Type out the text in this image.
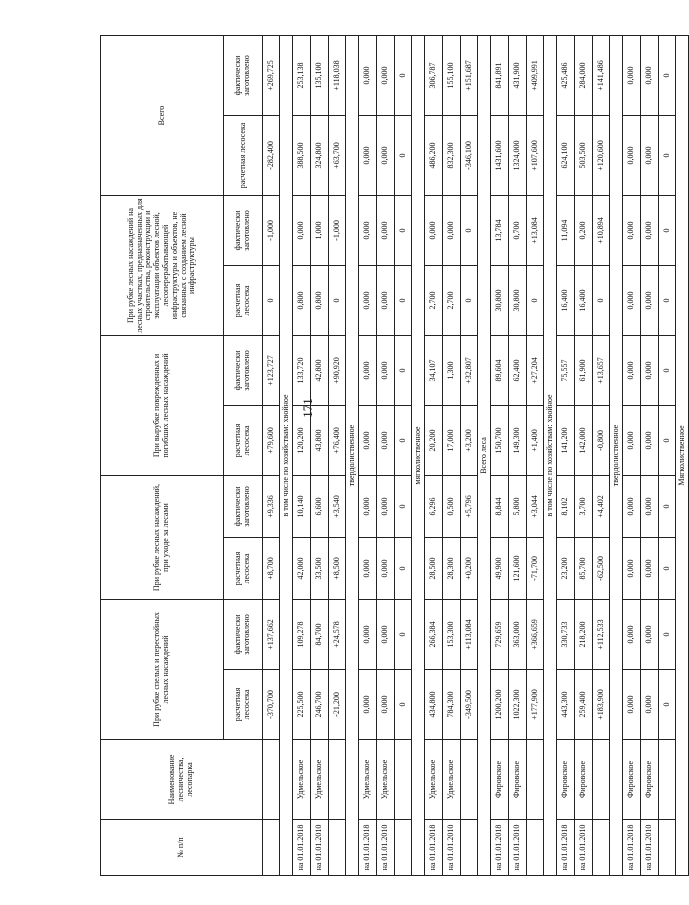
171
№ п/п	Наименование лесничества, лесопарка	При рубке спелых и перестойных лесных насаждений		При рубке лесных насаждений, при уходе за лесами		При вырубке поврежденных и погибших лесных насаждений		При рубке лесных насаждений на лесных участках, предназначенных для строительства, реконструкции и эксплуатации объектов лесной, лесоперерабатывающей инфраструктуры и объектов, не связанных с созданием лесной инфраструктуры		Всего	
		расчетная лесосека	фактически заготовлено	расчетная лесосека	фактически заготовлено	расчетная лесосека	фактически заготовлено	расчетная лесосека	фактически заготовлено	расчетная лесосека	фактически заготовлено
		-370,700	+137,662	+8,700	+9,336	+79,600	+123,727	0	-1,000	-282,400	+269,725
в том числе по хозяйствам: хвойное											
на 01.01.2018	Удмельское	225,500	109,278	42,000	10,140	120,200	133,720	0,800	0,000	388,500	253,138
на 01.01.2010	Удмельское	246,700	84,700	33,500	6,600	43,800	42,800	0,800	1,000	324,800	135,100
		-21,200	+24,578	+8,500	+3,540	+76,400	+90,920	0	-1,000	+63,700	+118,038
твердолиственное											
на 01.01.2018	Удмельское	0,000	0,000	0,000	0,000	0,000	0,000	0,000	0,000	0,000	0,000
на 01.01.2010	Удмельское	0,000	0,000	0,000	0,000	0,000	0,000	0,000	0,000	0,000	0,000
		0	0	0	0	0	0	0	0	0	0
мягколиственное											
на 01.01.2018	Удмельское	434,800	266,384	28,500	6,296	20,200	34,107	2,700	0,000	486,200	306,787
на 01.01.2010	Удмельское	784,300	153,300	28,300	0,500	17,000	1,300	2,700	0,000	832,300	155,100
		-349,500	+113,084	+0,200	+5,796	+3,200	+32,807	0	0	-346,100	+151,687
Всего леса											
на 01.01.2018	Фировское	1200,200	729,659	49,900	8,844	150,700	89,604	30,800	13,784	1431,600	841,891
на 01.01.2010	Фировское	1022,300	363,000	121,600	5,800	149,300	62,400	30,800	0,700	1324,000	431,900
		+177,900	+366,659	-71,700	+3,044	+1,400	+27,204	0	+13,084	+107,600	+409,991
в том числе по хозяйствам: хвойное											
на 01.01.2018	Фировское	443,300	330,733	23,200	8,102	141,200	75,557	16,400	11,094	624,100	425,486
на 01.01.2010	Фировское	259,400	218,200	85,700	3,700	142,000	61,900	16,400	0,200	503,500	284,000
		+183,900	+112,533	-62,500	+4,402	-0,800	+13,657	0	+10,894	+120,600	+141,486
твердолиственное											
на 01.01.2018	Фировское	0,000	0,000	0,000	0,000	0,000	0,000	0,000	0,000	0,000	0,000
на 01.01.2010	Фировское	0,000	0,000	0,000	0,000	0,000	0,000	0,000	0,000	0,000	0,000
		0	0	0	0	0	0	0	0	0	0
Мягколиственное											
